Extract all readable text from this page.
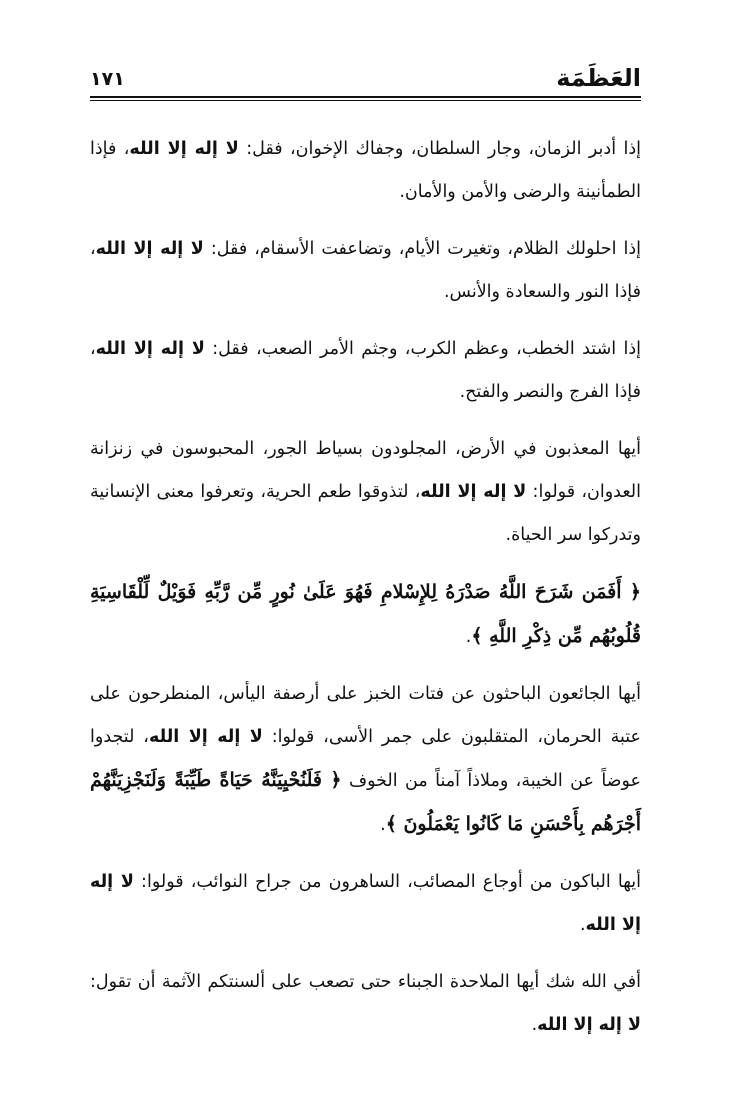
١٧١	العَظَمَة

إذا أدبر الزمان، وجار السلطان، وجفاك الإخوان، فقل: لا إله إلا الله، فإذا الطمأنينة والرضى والأمن والأمان.

إذا احلولك الظلام، وتغيرت الأيام، وتضاعفت الأسقام، فقل: لا إله إلا الله، فإذا النور والسعادة والأنس.

إذا اشتد الخطب، وعظم الكرب، وجثم الأمر الصعب، فقل: لا إله إلا الله، فإذا الفرج والنصر والفتح.

أيها المعذبون في الأرض، المجلودون بسياط الجور، المحبوسون في زنزانة العدوان، قولوا: لا إله إلا الله، لتذوقوا طعم الحرية، وتعرفوا معنى الإنسانية وتدركوا سر الحياة.

﴿ أَفَمَن شَرَحَ اللَّهُ صَدْرَهُ لِلإِسْلامِ فَهُوَ عَلَىٰ نُورٍ مِّن رَّبِّهِ فَوَيْلٌ لِّلْقَاسِيَةِ قُلُوبُهُم مِّن ذِكْرِ اللَّهِ ﴾.

أيها الجائعون الباحثون عن فتات الخبز على أرصفة اليأس، المنطرحون على عتبة الحرمان، المتقلبون على جمر الأسى، قولوا: لا إله إلا الله، لتجدوا عوضاً عن الخيبة، وملاذاً آمناً من الخوف ﴿ فَلَنُحْيِيَنَّهُ حَيَاةً طَيِّبَةً وَلَنَجْزِيَنَّهُمْ أَجْرَهُم بِأَحْسَنِ مَا كَانُوا يَعْمَلُونَ ﴾.

أيها الباكون من أوجاع المصائب، الساهرون من جراح النوائب، قولوا: لا إله إلا الله.

أفي الله شك أيها الملاحدة الجبناء حتى تصعب على ألسنتكم الآثمة أن تقول: لا إله إلا الله.
